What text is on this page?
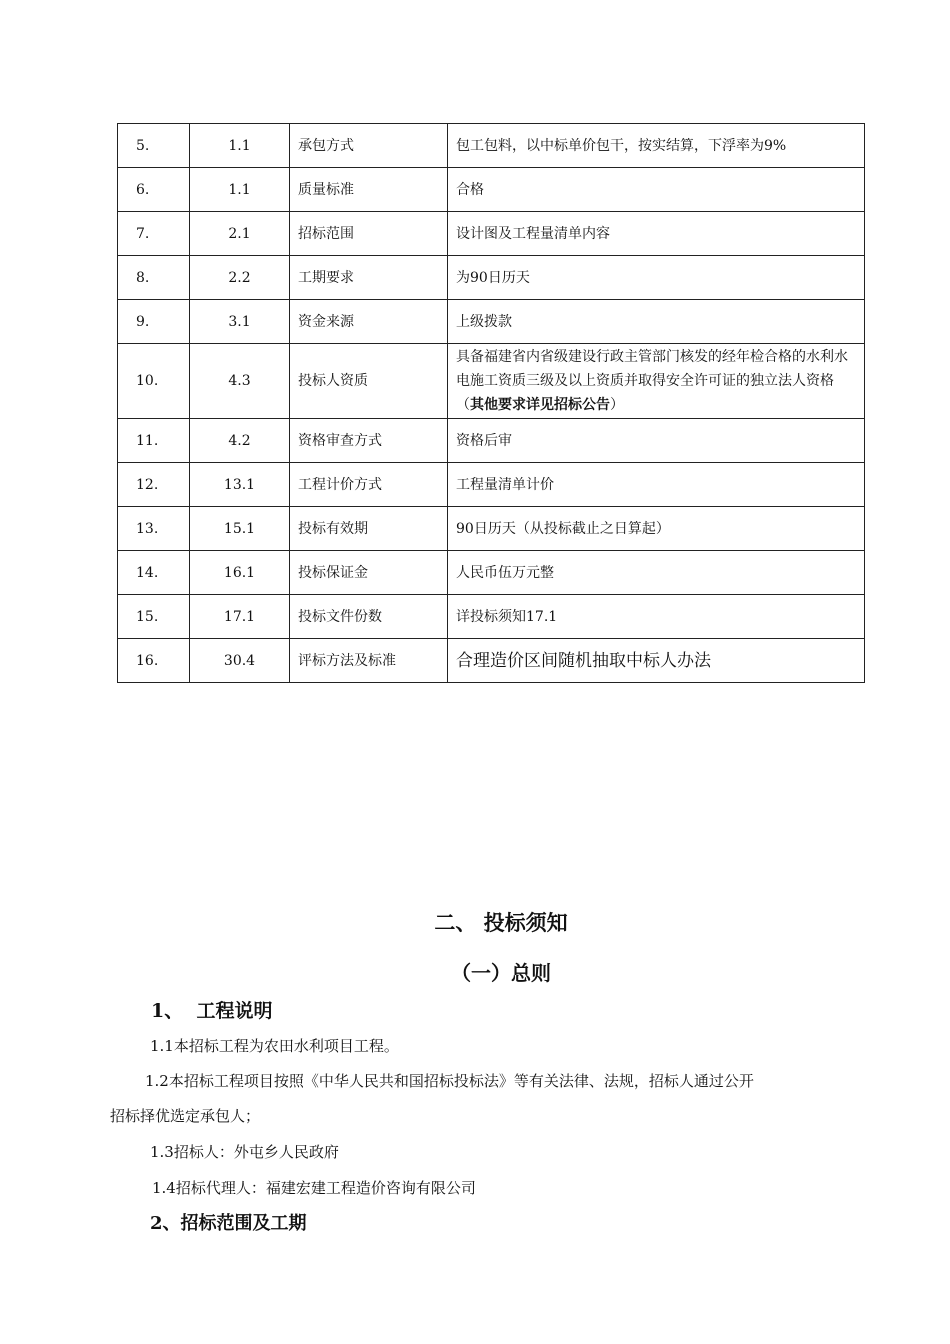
5.	1.1	承包方式	包工包料，以中标单价包干，按实结算，下浮率为9%
6.	1.1	质量标准	合格
7.	2.1	招标范围	设计图及工程量清单内容
8.	2.2	工期要求	为90日历天
9.	3.1	资金来源	上级拨款
10.	4.3	投标人资质	具备福建省内省级建设行政主管部门核发的经年检合格的水利水电施工资质三级及以上资质并取得安全许可证的独立法人资格（其他要求详见招标公告）
11.	4.2	资格审查方式	资格后审
12.	13.1	工程计价方式	工程量清单计价
13.	15.1	投标有效期	90日历天（从投标截止之日算起）
14.	16.1	投标保证金	人民币伍万元整
15.	17.1	投标文件份数	详投标须知17.1
16.	30.4	评标方法及标准	合理造价区间随机抽取中标人办法
二、 投标须知
（一）总则
1、  工程说明
1.1本招标工程为农田水利项目工程。
1.2本招标工程项目按照《中华人民共和国招标投标法》等有关法律、法规，招标人通过公开
招标择优选定承包人；
1.3招标人：外屯乡人民政府
1.4招标代理人：福建宏建工程造价咨询有限公司
2、招标范围及工期
